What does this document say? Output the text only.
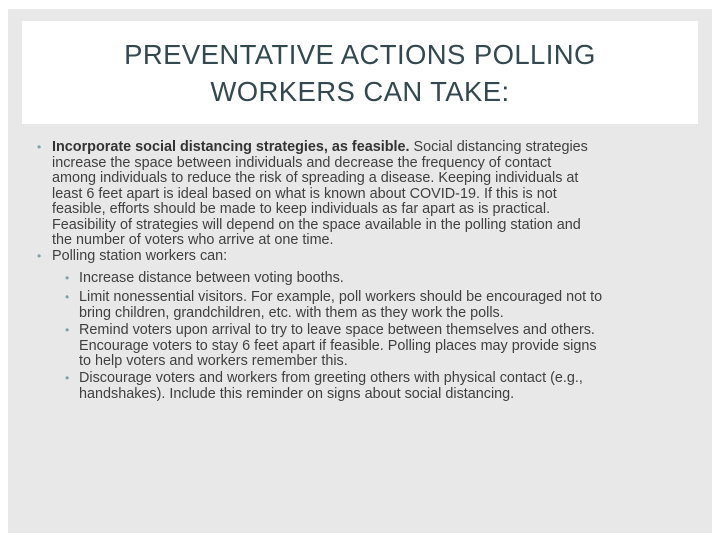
PREVENTATIVE ACTIONS POLLING
WORKERS CAN TAKE:
• Incorporate social distancing strategies, as feasible. Social distancing strategies
increase the space between individuals and decrease the frequency of contact
among individuals to reduce the risk of spreading a disease. Keeping individuals at
least 6 feet apart is ideal based on what is known about COVID-19. If this is not
feasible, efforts should be made to keep individuals as far apart as is practical.
Feasibility of strategies will depend on the space available in the polling station and
the number of voters who arrive at one time.
• Polling station workers can:
• Increase distance between voting booths.
• Limit nonessential visitors. For example, poll workers should be encouraged not to
bring children, grandchildren, etc. with them as they work the polls.
• Remind voters upon arrival to try to leave space between themselves and others.
Encourage voters to stay 6 feet apart if feasible. Polling places may provide signs
to help voters and workers remember this.
• Discourage voters and workers from greeting others with physical contact (e.g.,
handshakes). Include this reminder on signs about social distancing.
